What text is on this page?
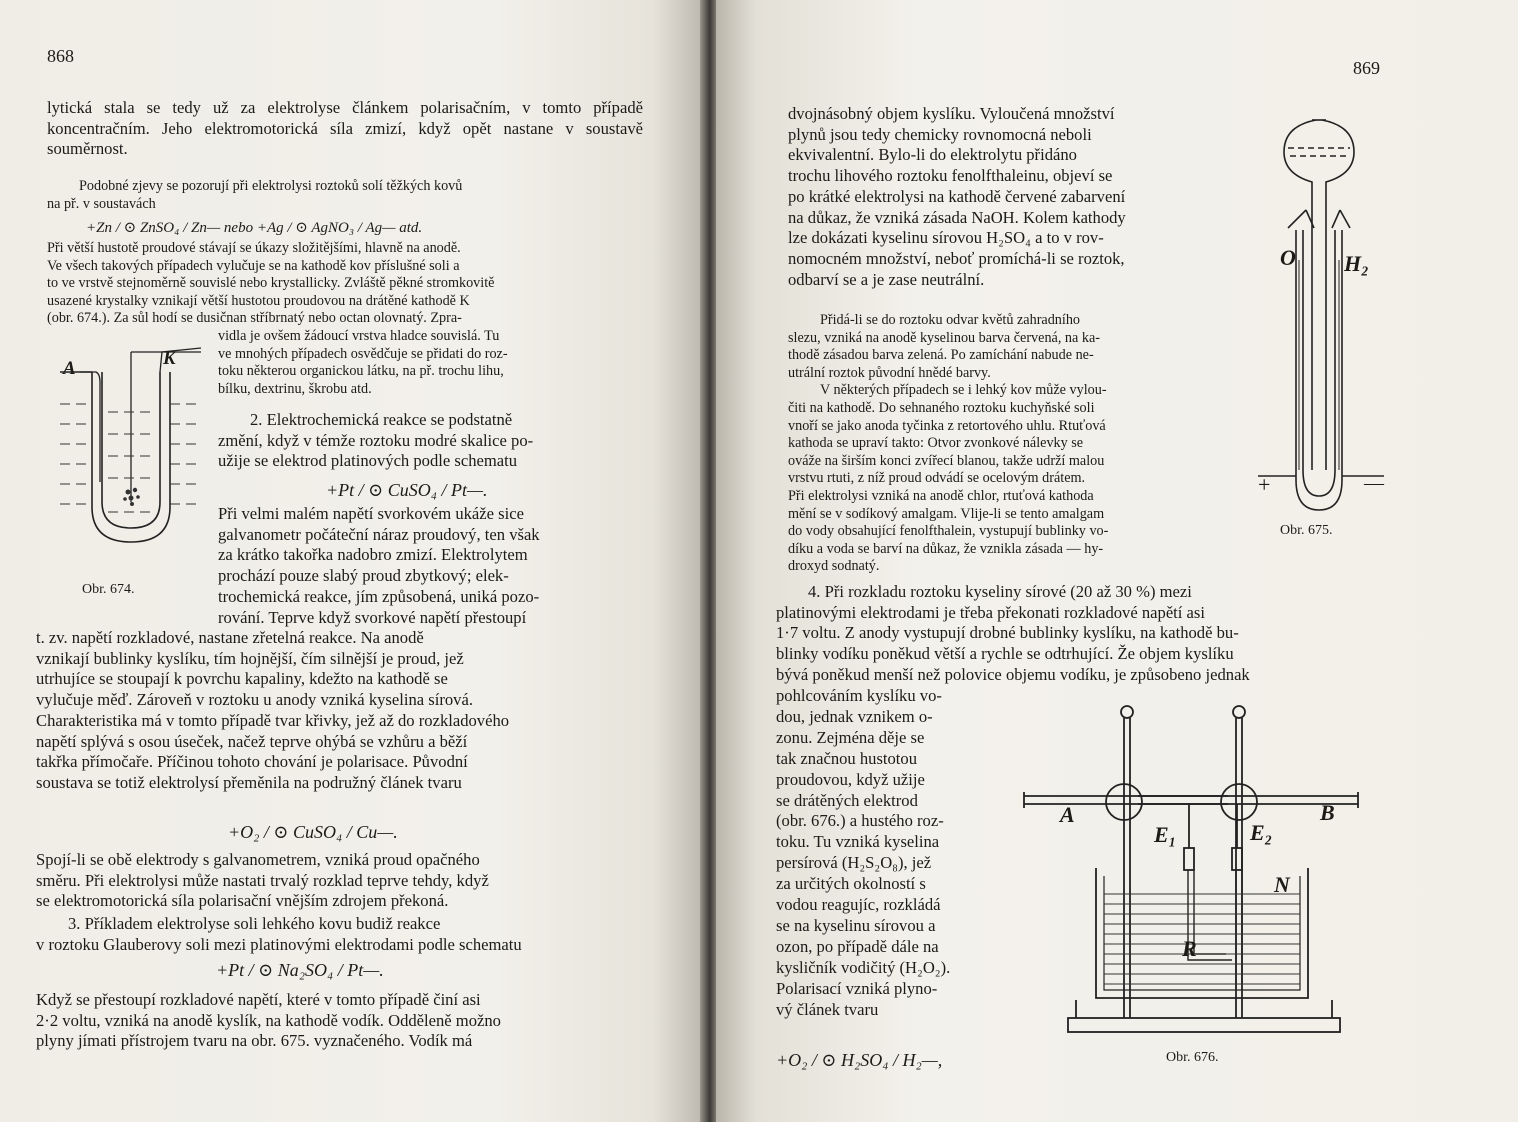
868
lytická stala se tedy už za elektrolyse článkem polarisačním, v tomto případě koncentračním. Jeho elektromotorická síla zmizí, když opět nastane v soustavě souměrnost.

Podobné zjevy se pozorují při elektrolysi roztoků solí těžkých kovů

na př. v soustavách

+Zn / ⊙ ZnSO₄ / Zn— nebo +Ag / ⊙ AgNO₃ / Ag— atd.

Při větší hustotě proudové stávají se úkazy složitějšími, hlavně na anodě.

Ve všech takových případech vylučuje se na kathodě kov příslušné soli a

to ve vrstvě stejnoměrně souvislé nebo krystallicky. Zvláště pěkné stromkovitě

usazené krystalky vznikají větší hustotou proudovou na drátěné kathodě K

(obr. 674.). Za sůl hodí se dusičnan stříbrnatý nebo octan olovnatý. Zpra-

vidla je ovšem žádoucí vrstva hladce souvislá. Tu

ve mnohých případech osvědčuje se přidati do roz-

toku některou organickou látku, na př. trochu lihu,

bílku, dextrinu, škrobu atd.

A	K
Obr. 674.

2. Elektrochemická reakce se podstatně

změní, když v témže roztoku modré skalice po-

užije se elektrod platinových podle schematu

+Pt / ⊙ CuSO₄ / Pt—.

Při velmi malém napětí svorkovém ukáže sice

galvanometr počáteční náraz proudový, ten však

za krátko takořka nadobro zmizí. Elektrolytem

prochází pouze slabý proud zbytkový; elek-

trochemická reakce, jím způsobená, uniká pozo-

rování. Teprve když svorkové napětí přestoupí

t. zv. napětí rozkladové, nastane zřetelná reakce. Na anodě

vznikají bublinky kyslíku, tím hojnější, čím silnější je proud, jež

utrhujíce se stoupají k povrchu kapaliny, kdežto na kathodě se

vylučuje měď. Zároveň v roztoku u anody vzniká kyselina sírová.

Charakteristika má v tomto případě tvar křivky, jež až do rozkladového

napětí splývá s osou úseček, načež teprve ohýbá se vzhůru a běží

takřka přímočaře. Příčinou tohoto chování je polarisace. Původní

soustava se totiž elektrolysí přeměnila na podružný článek tvaru

+O₂ / ⊙ CuSO₄ / Cu—.

Spojí-li se obě elektrody s galvanometrem, vzniká proud opačného

směru. Při elektrolysi může nastati trvalý rozklad teprve tehdy, když

se elektromotorická síla polarisační vnějším zdrojem překoná.

3. Příkladem elektrolyse soli lehkého kovu budiž reakce

v roztoku Glauberovy soli mezi platinovými elektrodami podle schematu

+Pt / ⊙ Na₂SO₄ / Pt—.

Když se přestoupí rozkladové napětí, které v tomto případě činí asi

2·2 voltu, vzniká na anodě kyslík, na kathodě vodík. Odděleně možno

plyny jímati přístrojem tvaru na obr. 675. vyznačeného. Vodík má

869

dvojnásobný objem kyslíku. Vyloučená množství

plynů jsou tedy chemicky rovnomocná neboli

ekvivalentní. Bylo-li do elektrolytu přidáno

trochu lihového roztoku fenolfthaleinu, objeví se

po krátké elektrolysi na kathodě červené zabarvení

na důkaz, že vzniká zásada NaOH. Kolem kathody

lze dokázati kyselinu sírovou H₂SO₄ a to v rov-

nomocném množství, neboť promíchá-li se roztok,

odbarví se a je zase neutrální.

Přidá-li se do roztoku odvar květů zahradního

slezu, vzniká na anodě kyselinou barva červená, na ka-

thodě zásadou barva zelená. Po zamíchání nabude ne-

utrální roztok původní hnědé barvy.

V některých případech se i lehký kov může vylou-

čiti na kathodě. Do sehnaného roztoku kuchyňské soli

vnoří se jako anoda tyčinka z retortového uhlu. Rtuťová

kathoda se upraví takto: Otvor zvonkové nálevky se

ováže na širším konci zvířecí blanou, takže udrží malou

vrstvu rtuti, z níž proud odvádí se ocelovým drátem.

Při elektrolysi vzniká na anodě chlor, rtuťová kathoda

mění se v sodíkový amalgam. Vlije-li se tento amalgam

do vody obsahující fenolfthalein, vystupují bublinky vo-

díku a voda se barví na důkaz, že vznikla zásada — hy-

droxyd sodnatý.

O H₂
+	—
Obr. 675.

4. Při rozkladu roztoku kyseliny sírové (20 až 30 %) mezi

platinovými elektrodami je třeba překonati rozkladové napětí asi

1·7 voltu. Z anody vystupují drobné bublinky kyslíku, na kathodě bu-

blinky vodíku poněkud větší a rychle se odtrhující. Že objem kyslíku

bývá poněkud menší než polovice objemu vodíku, je způsobeno jednak

pohlcováním kyslíku vo-

dou, jednak vznikem o-

zonu. Zejména děje se

tak značnou hustotou

proudovou, když užije

se drátěných elektrod

(obr. 676.) a hustého roz-

toku. Tu vzniká kyselina

persírová (H₂S₂O₈), jež

za určitých okolností s

vodou reagujíc, rozkládá

se na kyselinu sírovou a

ozon, po případě dále na

kysličník vodičitý (H₂O₂).

Polarisací vzniká plyno-

vý článek tvaru

+O₂ / ⊙ H₂SO₄ / H₂—,
A	B
E₁	E₂
N
R
Obr. 676.
